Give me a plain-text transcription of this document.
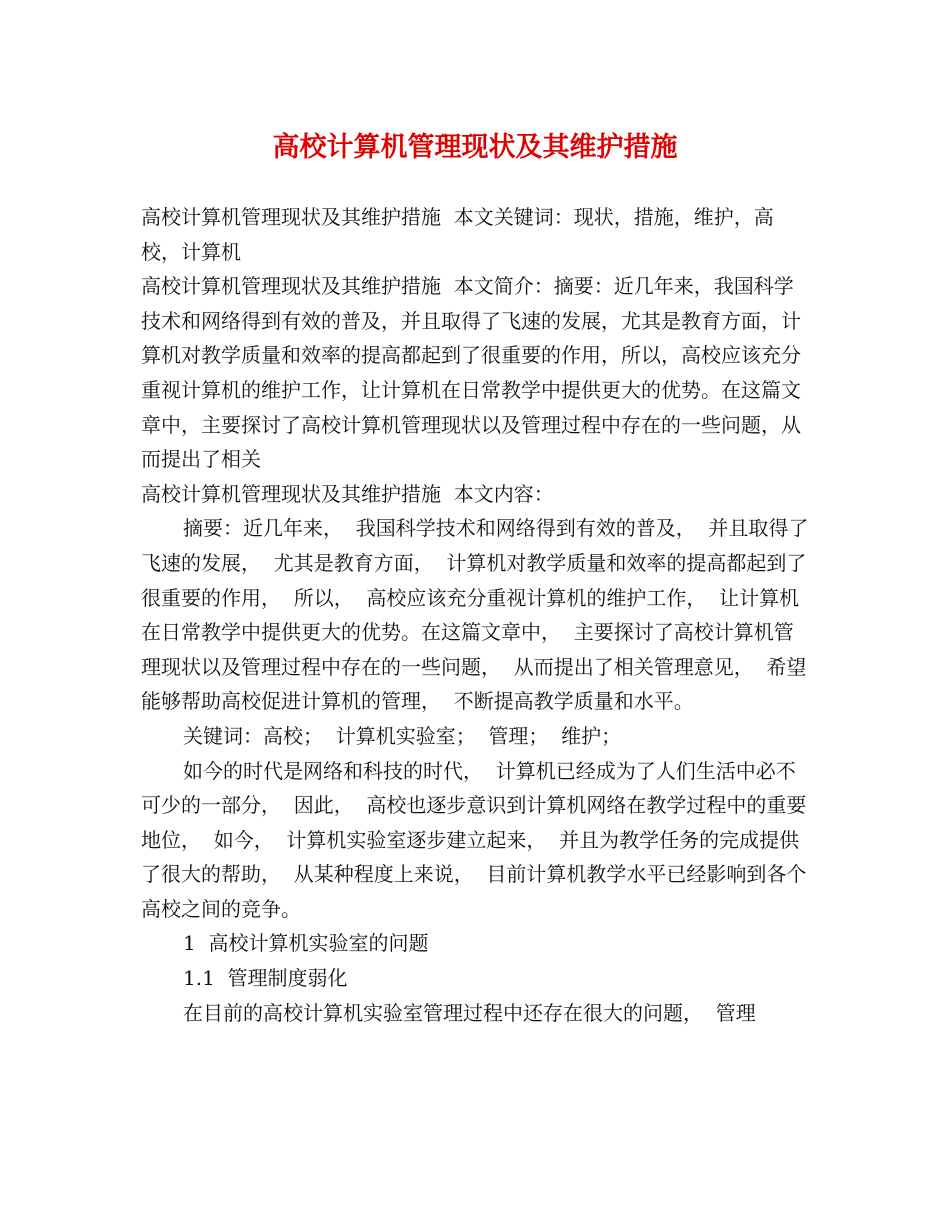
高校计算机管理现状及其维护措施

高校计算机管理现状及其维护措施  本文关键词：现状，措施，维护，高校，计算机

高校计算机管理现状及其维护措施  本文简介：摘要：近几年来，我国科学技术和网络得到有效的普及，并且取得了飞速的发展，尤其是教育方面，计算机对教学质量和效率的提高都起到了很重要的作用，所以，高校应该充分重视计算机的维护工作，让计算机在日常教学中提供更大的优势。在这篇文章中，主要探讨了高校计算机管理现状以及管理过程中存在的一些问题，从而提出了相关

高校计算机管理现状及其维护措施  本文内容：

摘要：近几年来，  我国科学技术和网络得到有效的普及，  并且取得了飞速的发展，  尤其是教育方面，  计算机对教学质量和效率的提高都起到了很重要的作用，  所以，  高校应该充分重视计算机的维护工作，  让计算机在日常教学中提供更大的优势。在这篇文章中，  主要探讨了高校计算机管理现状以及管理过程中存在的一些问题，  从而提出了相关管理意见，  希望能够帮助高校促进计算机的管理，  不断提高教学质量和水平。

关键词：高校；  计算机实验室；  管理；  维护；

如今的时代是网络和科技的时代，  计算机已经成为了人们生活中必不可少的一部分，  因此，  高校也逐步意识到计算机网络在教学过程中的重要地位，  如今，  计算机实验室逐步建立起来，  并且为教学任务的完成提供了很大的帮助，  从某种程度上来说，  目前计算机教学水平已经影响到各个高校之间的竞争。

1  高校计算机实验室的问题

1.1  管理制度弱化

在目前的高校计算机实验室管理过程中还存在很大的问题，  管理
